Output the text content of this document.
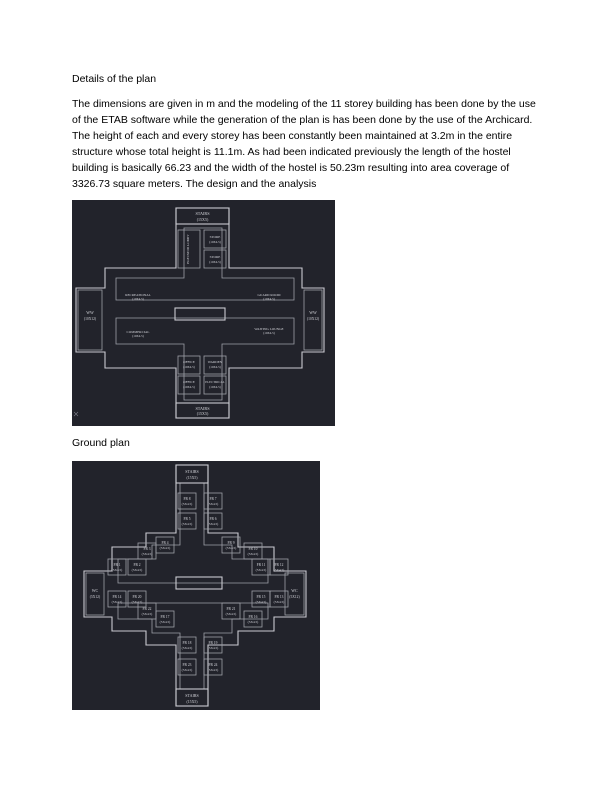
Details of the plan

The dimensions are given in m and the modeling of the 11 storey building has been done by the use of the ETAB software while the generation of the plan is has been done by the use of the Archicard. The height of each and every storey has been constantly been maintained at 3.2m in the entire structure whose total height is 11.1m. As had been indicated previously the length of the hostel building is basically 66.23 and the width of the hostel is 50.23m resulting into area coverage of 3326.73 square meters. The design and the analysis

STAIRS
(15X5)
ELEVATOR LOBBY	STORE
(10X4.5)
STORE
(10X4.5)
RECREATIONAL
(10X4.5)
COMMERCIAL
(10X4.5)
WW
(10X12)
GUARD ROOM
(10X4.5)
WAITING LOUNGE
(10X4.5)
WW
(10X12)
OFFICE
(10X4.5)
WARDEN
(10X4.5)
OFFICE
(10X4.5)
ELECTRICAL
(10X4.5)
STAIRS
(15X5)

Ground plan

STAIRS
(15X5)
STAIRS
(15X5)
WC
(5X12)
WC
(5X12)
FR 8
(5X4.5)
FR 7
(5X4.5)
FR 5
(5X4.5)
FR 6
(5X4.5)
FR 4
(5X4.5)
FR 3
(5X4.5)
FR 9
(5X4.5)	FR 10
(5X4.5)
FR 1
(5X4.5)
FR 2
(5X4.5)
FR 11
(5X4.5)
FR 12
(5X4.5)
FR 14
(5X4.5)
FR 20
(5X4.5)
FR 15
(5X4.5)
FR 13
(5X4.5)
FR 22
(5X4.5)
FR 17
(5X4.5)
FR 21
(5X4.5)
FR 16
(5X4.5)
FR 18
(5X4.5)
FR 19
(5X4.5)
FR 23
(5X4.5)
FR 24
(5X4.5)
